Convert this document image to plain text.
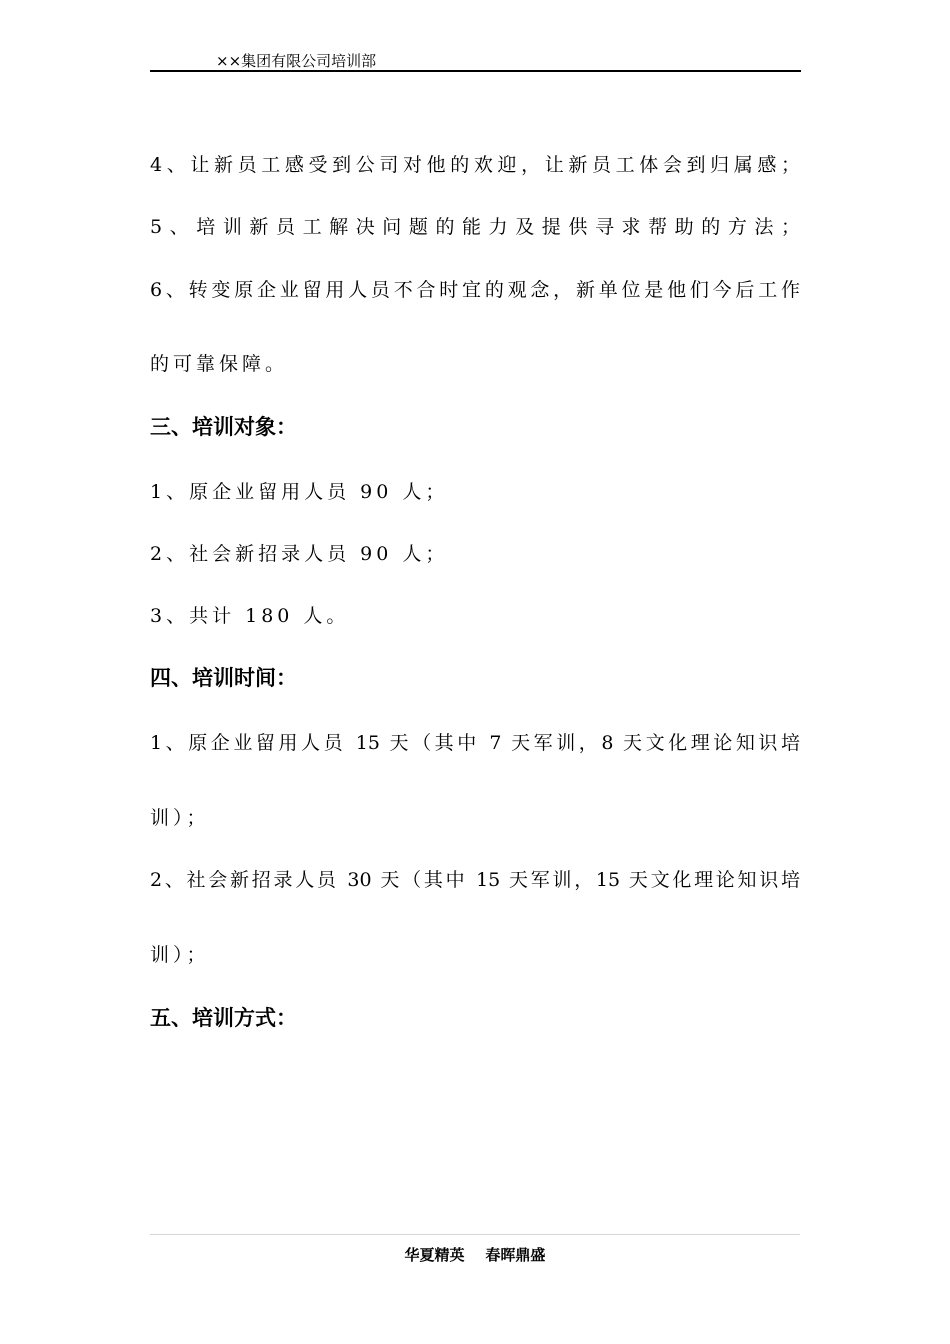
××集团有限公司培训部
4、让新员工感受到公司对他的欢迎，让新员工体会到归属感；
5、培训新员工解决问题的能力及提供寻求帮助的方法；
6、转变原企业留用人员不合时宜的观念，新单位是他们今后工作
的可靠保障。
三、培训对象：
1、原企业留用人员 90 人；
2、社会新招录人员 90 人；
3、共计 180 人。
四、培训时间：
1、原企业留用人员 15 天（其中 7 天军训，8 天文化理论知识培
训）；
2、社会新招录人员 30 天（其中 15 天军训，15 天文化理论知识培
训）；
五、培训方式：
华夏精英    春晖鼎盛
